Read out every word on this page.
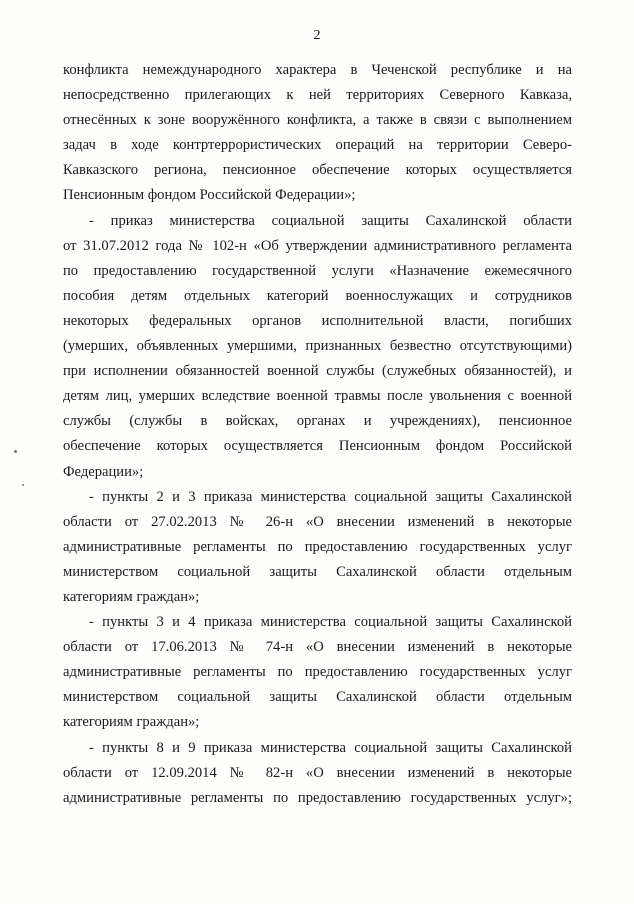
2
конфликта немеждународного характера в Чеченской республике и на
непосредственно прилегающих к ней территориях Северного Кавказа,
отнесённых к зоне вооружённого конфликта, а также в связи с выполнением
задач в ходе контртеррористических операций на территории Северо-
Кавказского региона, пенсионное обеспечение которых осуществляется
Пенсионным фондом Российской Федерации»;
- приказ министерства социальной защиты Сахалинской области
от 31.07.2012 года № 102-н «Об утверждении административного регламента
по предоставлению государственной услуги «Назначение ежемесячного
пособия детям отдельных категорий военнослужащих и сотрудников
некоторых федеральных органов исполнительной власти, погибших
(умерших, объявленных умершими, признанных безвестно отсутствующими)
при исполнении обязанностей военной службы (служебных обязанностей), и
детям лиц, умерших вследствие военной травмы после увольнения с военной
службы (службы в войсках, органах и учреждениях), пенсионное
обеспечение которых осуществляется Пенсионным фондом Российской
Федерации»;
- пункты 2 и 3 приказа министерства социальной защиты Сахалинской
области от 27.02.2013 № 26-н «О внесении изменений в некоторые
административные регламенты по предоставлению государственных услуг
министерством социальной защиты Сахалинской области отдельным
категориям граждан»;
- пункты 3 и 4 приказа министерства социальной защиты Сахалинской
области от 17.06.2013 № 74-н «О внесении изменений в некоторые
административные регламенты по предоставлению государственных услуг
министерством социальной защиты Сахалинской области отдельным
категориям граждан»;
- пункты 8 и 9 приказа министерства социальной защиты Сахалинской
области от 12.09.2014 № 82-н «О внесении изменений в некоторые
административные регламенты по предоставлению государственных услуг»;
